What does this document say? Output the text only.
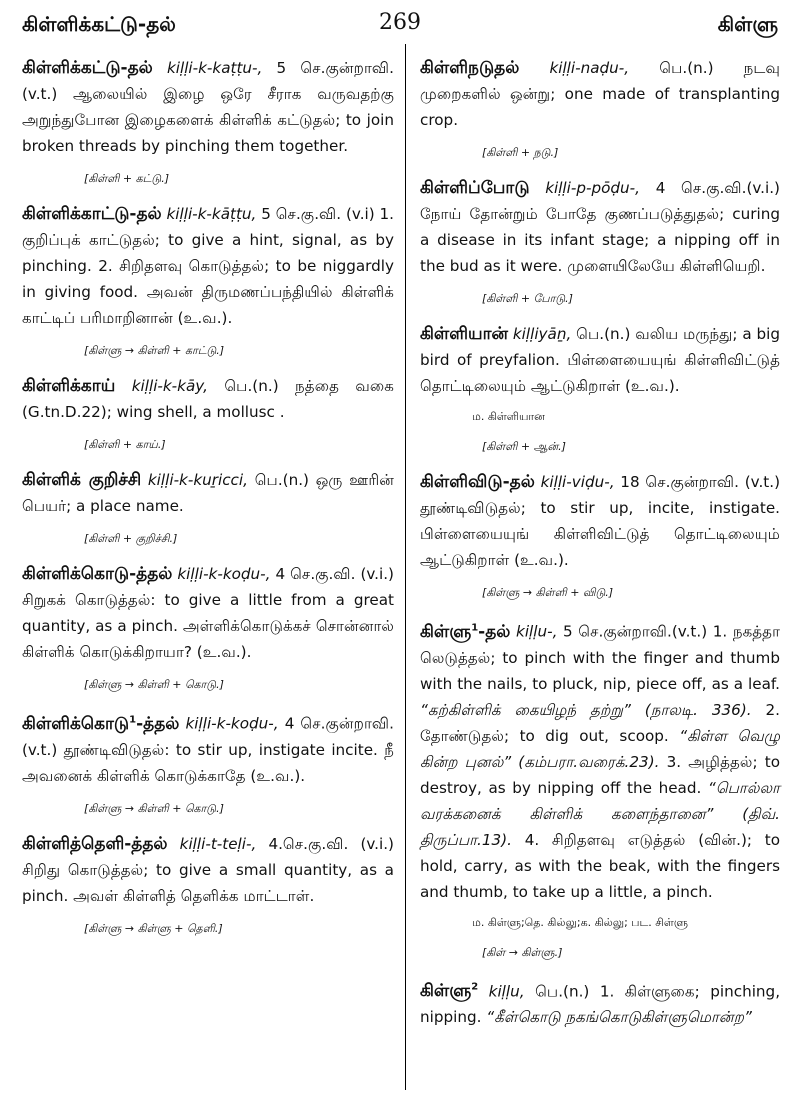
கிள்ளிக்கட்டு-தல்	269	கிள்ளு

கிள்ளிக்கட்டு-தல் kiḷḷi-k-kaṭṭu-, 5 செ.குன்றாவி. (v.t.) ஆலையில் இழை ஒரே சீராக வருவதற்கு அறுந்துபோன இழைகளைக் கிள்ளிக் கட்டுதல்; to join broken threads by pinching them together.

[கிள்ளி + கட்டு.]

கிள்ளிக்காட்டு-தல் kiḷḷi-k-kāṭṭu, 5 செ.கு.வி. (v.i) 1. குறிப்புக் காட்டுதல்; to give a hint, signal, as by pinching. 2. சிறிதளவு கொடுத்தல்; to be niggardly in giving food. அவன் திருமணப்பந்தியில் கிள்ளிக் காட்டிப் பரிமாறினான் (உ.வ.).

[கிள்ளு → கிள்ளி + காட்டு.]

கிள்ளிக்காய் kiḷḷi-k-kāy, பெ.(n.) நத்தை வகை (G.tn.D.22); wing shell, a mollusc .

[கிள்ளி + காய்.]

கிள்ளிக் குறிச்சி kiḷḷi-k-kuṟicci, பெ.(n.) ஒரு ஊரின் பெயர்; a place name.

[கிள்ளி + குறிச்சி.]

கிள்ளிக்கொடு-த்தல் kiḷḷi-k-koḍu-, 4 செ.கு.வி. (v.i.) சிறுகக் கொடுத்தல்: to give a little from a great quantity, as a pinch. அள்ளிக்கொடுக்கச் சொன்னால் கிள்ளிக் கொடுக்கிறாயா? (உ.வ.).

[கிள்ளு → கிள்ளி + கொடு.]

கிள்ளிக்கொடு$^1$-த்தல் kiḷḷi-k-koḍu-, 4 செ.குன்றாவி. (v.t.) தூண்டிவிடுதல்: to stir up, instigate incite. நீ அவனைக் கிள்ளிக் கொடுக்காதே (உ.வ.).

[கிள்ளு → கிள்ளி + கொடு.]

கிள்ளித்தெளி-த்தல் kiḷḷi-t-teḷi-, 4.செ.கு.வி. (v.i.) சிறிது கொடுத்தல்; to give a small quantity, as a pinch. அவள் கிள்ளித் தெளிக்க மாட்டாள்.

[கிள்ளு → கிள்ளு + தெளி.]

கிள்ளிநடுதல் kiḷḷi-naḍu-, பெ.(n.) நடவு முறைகளில் ஒன்று; one made of transplanting crop.

[கிள்ளி + நடு.]

கிள்ளிப்போடு kiḷḷi-p-pōḍu-, 4 செ.கு.வி.(v.i.) நோய் தோன்றும் போதே குணப்படுத்துதல்; curing a disease in its infant stage; a nipping off in the bud as it were. முளையிலேயே கிள்ளியெறி.

[கிள்ளி + போடு.]

கிள்ளியான் kiḷḷiyāṉ, பெ.(n.) வலிய மருந்து; a big bird of preyfalion. பிள்ளையையுங் கிள்ளிவிட்டுத் தொட்டிலையும் ஆட்டுகிறாள் (உ.வ.).

ம. கிள்ளியான
[கிள்ளி + ஆன்.]

கிள்ளிவிடு-தல் kiḷḷi-viḍu-, 18 செ.குன்றாவி. (v.t.) தூண்டிவிடுதல்; to stir up, incite, instigate. பிள்ளையையுங் கிள்ளிவிட்டுத் தொட்டிலையும் ஆட்டுகிறாள் (உ.வ.).

[கிள்ளு → கிள்ளி + விடு.]

கிள்ளு$^1$-தல் kiḷḷu-, 5 செ.குன்றாவி.(v.t.) 1. நகத்தா லெடுத்தல்; to pinch with the finger and thumb with the nails, to pluck, nip, piece off, as a leaf. “கற்கிள்ளிக் கையிழந் தற்று” (நாலடி. 336). 2. தோண்டுதல்; to dig out, scoop. “கிள்ள வெழு கின்ற புனல்” (கம்பரா.வரைக்.23). 3. அழித்தல்; to destroy, as by nipping off the head. “பொல்லா வரக்கனைக் கிள்ளிக் களைந்தானை” (திவ். திருப்பா.13). 4. சிறிதளவு எடுத்தல் (வின்.); to hold, carry, as with the beak, with the fingers and thumb, to take up a little, a pinch.

ம. கிள்ளு;தெ. கில்லு;க. கில்லு; பட. சிள்ளு
[கிள் → கிள்ளு.]

கிள்ளு$^2$ kiḷḷu, பெ.(n.) 1. கிள்ளுகை; pinching, nipping. “கீள்கொடு நகங்கொடுகிள்ளுமொன்ற”
